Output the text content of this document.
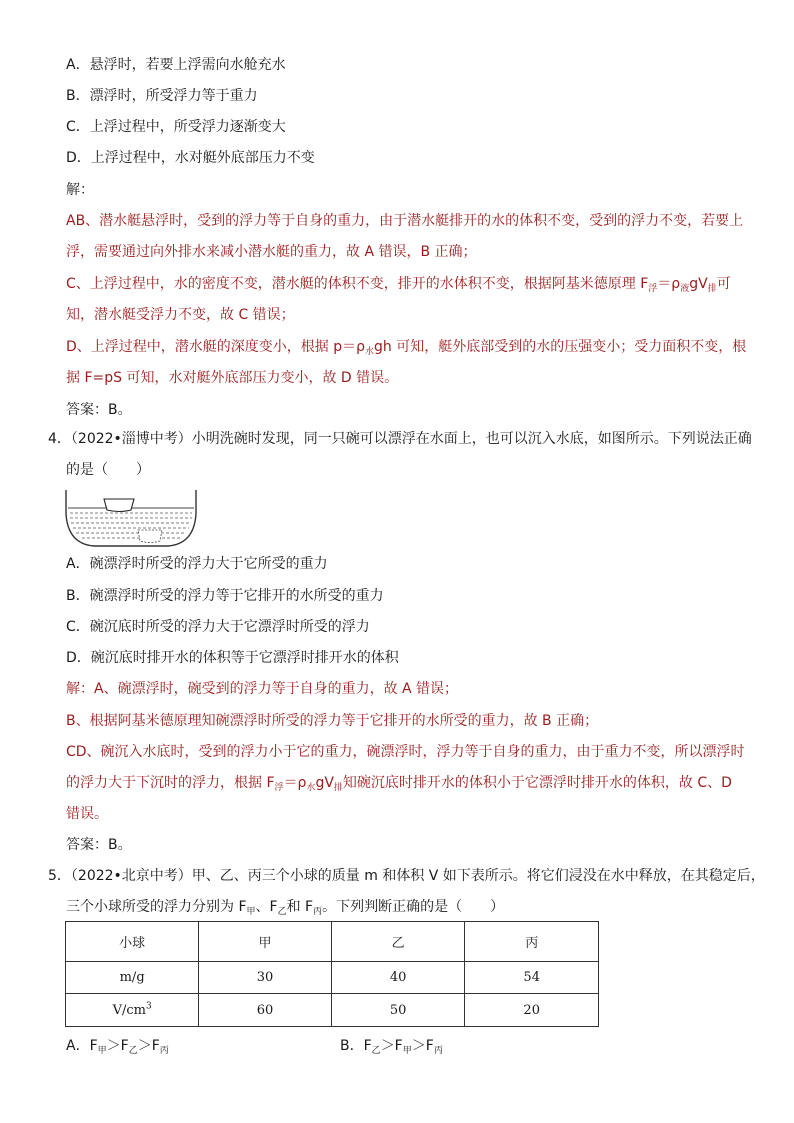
A．悬浮时，若要上浮需向水舱充水
B．漂浮时，所受浮力等于重力
C．上浮过程中，所受浮力逐渐变大
D．上浮过程中，水对艇外底部压力不变
解：
AB、潜水艇悬浮时，受到的浮力等于自身的重力，由于潜水艇排开的水的体积不变，受到的浮力不变，若要上
浮，需要通过向外排水来减小潜水艇的重力，故 A 错误，B 正确；
C、上浮过程中，水的密度不变，潜水艇的体积不变，排开的水体积不变，根据阿基米德原理 $F_浮=\rho_液gV_排$可
知，潜水艇受浮力不变，故 C 错误；
D、上浮过程中，潜水艇的深度变小，根据 $p=\rho_水gh$ 可知，艇外底部受到的水的压强变小；受力面积不变，根
据 F=pS 可知，水对艇外底部压力变小，故 D 错误。
答案：B。
4．（2022•淄博中考）小明洗碗时发现，同一只碗可以漂浮在水面上，也可以沉入水底，如图所示。下列说法正确
的是（　　）
A．碗漂浮时所受的浮力大于它所受的重力
B．碗漂浮时所受的浮力等于它排开的水所受的重力
C．碗沉底时所受的浮力大于它漂浮时所受的浮力
D．碗沉底时排开水的体积等于它漂浮时排开水的体积
解：A、碗漂浮时，碗受到的浮力等于自身的重力，故 A 错误；
B、根据阿基米德原理知碗漂浮时所受的浮力等于它排开的水所受的重力，故 B 正确；
CD、碗沉入水底时，受到的浮力小于它的重力，碗漂浮时，浮力等于自身的重力，由于重力不变，所以漂浮时
的浮力大于下沉时的浮力，根据 $F_浮=\rho_水gV_排$知碗沉底时排开水的体积小于它漂浮时排开水的体积，故 C、D
错误。
答案：B。
5．（2022•北京中考）甲、乙、丙三个小球的质量 m 和体积 V 如下表所示。将它们浸没在水中释放，在其稳定后，
三个小球所受的浮力分别为 $F_甲$、$F_乙$和 $F_丙$。下列判断正确的是（　　）
小球	甲	乙	丙
m/g	30	40	54
$V/cm^3$	60	50	20
A．$F_甲>F_乙>F_丙$	B．$F_乙>F_甲>F_丙$
